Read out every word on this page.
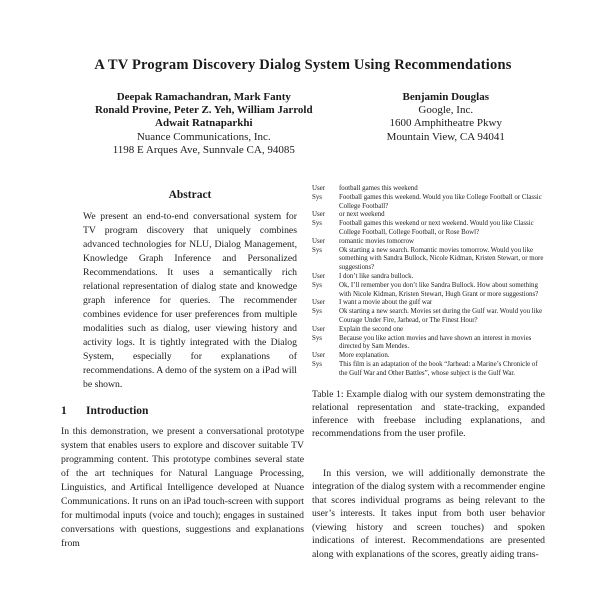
A TV Program Discovery Dialog System Using Recommendations
Deepak Ramachandran, Mark Fanty
Ronald Provine, Peter Z. Yeh, William Jarrold
Adwait Ratnaparkhi
Nuance Communications, Inc.
1198 E Arques Ave, Sunnvale CA, 94085
Benjamin Douglas
Google, Inc.
1600 Amphitheatre Pkwy
Mountain View, CA 94041
Abstract

We present an end-to-end conversational system for TV program discovery that uniquely combines advanced technologies for NLU, Dialog Management, Knowledge Graph Inference and Personalized Recommendations. It uses a semantically rich relational representation of dialog state and knowedge graph inference for queries. The recommender combines evidence for user preferences from multiple modalities such as dialog, user viewing history and activity logs. It is tightly integrated with the Dialog System, especially for explanations of recommendations. A demo of the system on a iPad will be shown.

1 Introduction

In this demonstration, we present a conversational prototype system that enables users to explore and discover suitable TV programming content. This prototype combines several state of the art techniques for Natural Language Processing, Linguistics, and Artifical Intelligence developed at Nuance Communications. It runs on an iPad touch-screen with support for multimodal inputs (voice and touch); engages in sustained conversations with questions, suggestions and explanations from

User	football games this weekend
Sys	Football games this weekend. Would you like College Football or Classic College Football?
User	or next weekend
Sys	Football games this weekend or next weekend. Would you like Classic College Football, College Football, or Rose Bowl?
User	romantic movies tomorrow
Sys	Ok starting a new search. Romantic movies tomorrow. Would you like something with Sandra Bullock, Nicole Kidman, Kristen Stewart, or more suggestions?
User	I don’t like sandra bullock.
Sys	Ok, I’ll remember you don’t like Sandra Bullock. How about something with Nicole Kidman, Kristen Stewart, Hugh Grant or more suggestions?
User	I want a movie about the gulf war
Sys	Ok starting a new search. Movies set during the Gulf war. Would you like Courage Under Fire, Jarhead, or The Finest Hour?
User	Explain the second one
Sys	Because you like action movies and have shown an interest in movies directed by Sam Mendes.
User	More explanation.
Sys	This film is an adaptation of the book “Jarhead: a Marine’s Chronicle of the Gulf War and Other Battles”, whose subject is the Gulf War.

Table 1: Example dialog with our system demonstrating the relational representation and state-tracking, expanded inference with freebase including explanations, and recommendations from the user profile.

In this version, we will additionally demonstrate the integration of the dialog system with a recommender engine that scores individual programs as being relevant to the user’s interests. It takes input from both user behavior (viewing history and screen touches) and spoken indications of interest. Recommendations are presented along with explanations of the scores, greatly aiding trans-
